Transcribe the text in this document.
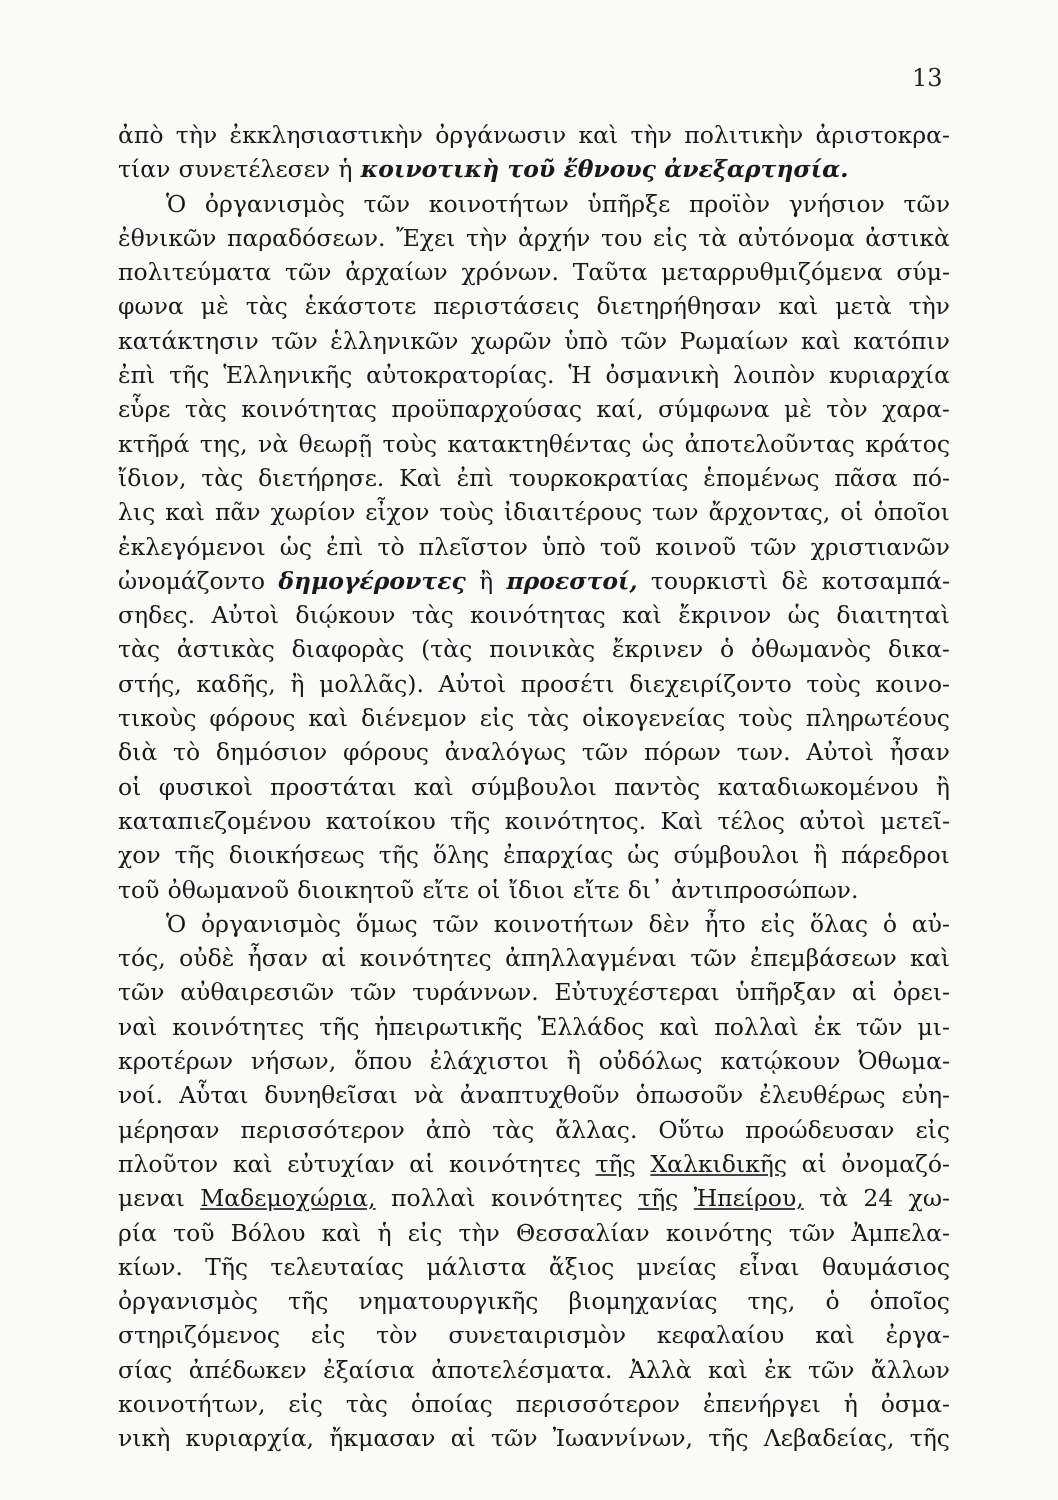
13
ἀπὸ τὴν ἐκκλησιαστικὴν ὀργάνωσιν καὶ τὴν πολιτικὴν ἀριστοκρα-
τίαν συνετέλεσεν ἡ κοινοτικὴ τοῦ ἔθνους ἀνεξαρτησία.
Ὁ ὀργανισμὸς τῶν κοινοτήτων ὑπῆρξε προϊὸν γνήσιον τῶν
ἐθνικῶν παραδόσεων. Ἔχει τὴν ἀρχήν του εἰς τὰ αὐτόνομα ἀστικὰ
πολιτεύματα τῶν ἀρχαίων χρόνων. Ταῦτα μεταρρυθμιζόμενα σύμ-
φωνα μὲ τὰς ἑκάστοτε περιστάσεις διετηρήθησαν καὶ μετὰ τὴν
κατάκτησιν τῶν ἑλληνικῶν χωρῶν ὑπὸ τῶν Ρωμαίων καὶ κατόπιν
ἐπὶ τῆς Ἑλληνικῆς αὐτοκρατορίας. Ἡ ὀσμανικὴ λοιπὸν κυριαρχία
εὗρε τὰς κοινότητας προϋπαρχούσας καί, σύμφωνα μὲ τὸν χαρα-
κτῆρά της, νὰ θεωρῇ τοὺς κατακτηθέντας ὡς ἀποτελοῦντας κράτος
ἴδιον, τὰς διετήρησε. Καὶ ἐπὶ τουρκοκρατίας ἑπομένως πᾶσα πό-
λις καὶ πᾶν χωρίον εἶχον τοὺς ἰδιαιτέρους των ἄρχοντας, οἱ ὁποῖοι
ἐκλεγόμενοι ὡς ἐπὶ τὸ πλεῖστον ὑπὸ τοῦ κοινοῦ τῶν χριστιανῶν
ὠνομάζοντο δημογέροντες ἢ προεστοί, τουρκιστὶ δὲ κοτσαμπά-
σηδες. Αὐτοὶ διῴκουν τὰς κοινότητας καὶ ἔκρινον ὡς διαιτηταὶ
τὰς ἀστικὰς διαφορὰς (τὰς ποινικὰς ἔκρινεν ὁ ὀθωμανὸς δικα-
στής, καδῆς, ἢ μολλᾶς). Αὐτοὶ προσέτι διεχειρίζοντο τοὺς κοινο-
τικοὺς φόρους καὶ διένεμον εἰς τὰς οἰκογενείας τοὺς πληρωτέους
διὰ τὸ δημόσιον φόρους ἀναλόγως τῶν πόρων των. Αὐτοὶ ἦσαν
οἱ φυσικοὶ προστάται καὶ σύμβουλοι παντὸς καταδιωκομένου ἢ
καταπιεζομένου κατοίκου τῆς κοινότητος. Καὶ τέλος αὐτοὶ μετεῖ-
χον τῆς διοικήσεως τῆς ὅλης ἐπαρχίας ὡς σύμβουλοι ἢ πάρεδροι
τοῦ ὀθωμανοῦ διοικητοῦ εἴτε οἱ ἴδιοι εἴτε δι᾿ ἀντιπροσώπων.
Ὁ ὀργανισμὸς ὅμως τῶν κοινοτήτων δὲν ἦτο εἰς ὅλας ὁ αὐ-
τός, οὐδὲ ἦσαν αἱ κοινότητες ἀπηλλαγμέναι τῶν ἐπεμβάσεων καὶ
τῶν αὐθαιρεσιῶν τῶν τυράννων. Εὐτυχέστεραι ὑπῆρξαν αἱ ὀρει-
ναὶ κοινότητες τῆς ἠπειρωτικῆς Ἑλλάδος καὶ πολλαὶ ἐκ τῶν μι-
κροτέρων νήσων, ὅπου ἐλάχιστοι ἢ οὐδόλως κατῴκουν Ὀθωμα-
νοί. Αὗται δυνηθεῖσαι νὰ ἀναπτυχθοῦν ὁπωσοῦν ἐλευθέρως εὐη-
μέρησαν περισσότερον ἀπὸ τὰς ἄλλας. Οὕτω προώδευσαν εἰς
πλοῦτον καὶ εὐτυχίαν αἱ κοινότητες τῆς Χαλκιδικῆς αἱ ὀνομαζό-
μεναι Μαδεμοχώρια, πολλαὶ κοινότητες τῆς Ἠπείρου, τὰ 24 χω-
ρία τοῦ Βόλου καὶ ἡ εἰς τὴν Θεσσαλίαν κοινότης τῶν Ἀμπελα-
κίων. Τῆς τελευταίας μάλιστα ἄξιος μνείας εἶναι θαυμάσιος
ὀργανισμὸς τῆς νηματουργικῆς βιομηχανίας της, ὁ ὁποῖος
στηριζόμενος εἰς τὸν συνεταιρισμὸν κεφαλαίου καὶ ἐργα-
σίας ἀπέδωκεν ἐξαίσια ἀποτελέσματα. Ἀλλὰ καὶ ἐκ τῶν ἄλλων
κοινοτήτων, εἰς τὰς ὁποίας περισσότερον ἐπενήργει ἡ ὀσμα-
νικὴ κυριαρχία, ἤκμασαν αἱ τῶν Ἰωαννίνων, τῆς Λεβαδείας, τῆς
